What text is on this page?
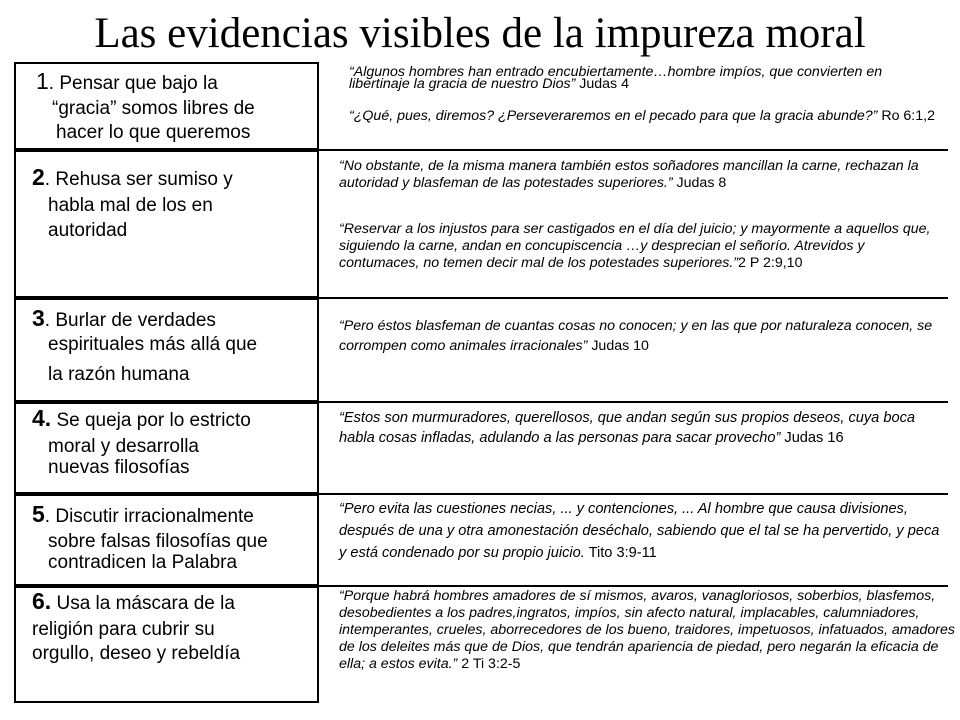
Las evidencias visibles de la impureza moral
1. Pensar que bajo la
“gracia” somos libres de
hacer lo que queremos
“Algunos hombres han entrado encubiertamente…hombre impíos, que convierten en libertinaje la gracia de nuestro Dios” Judas 4
“¿Qué, pues, diremos? ¿Perseveraremos en el pecado para que la gracia abunde?” Ro 6:1,2
2. Rehusa ser sumiso y
habla mal de los en
autoridad
“No obstante, de la misma manera también estos soñadores mancillan la carne, rechazan la autoridad y blasfeman de las potestades superiores.” Judas 8
“Reservar a los injustos para ser castigados en el día del juicio; y mayormente a aquellos que, siguiendo la carne, andan en concupiscencia …y desprecian el señorío. Atrevidos y contumaces, no temen decir mal de los potestades superiores.”2 P 2:9,10
3. Burlar de verdades
espirituales más allá que
la razón humana
“Pero éstos blasfeman de cuantas cosas no conocen; y en las que por naturaleza conocen, se corrompen como animales irracionales” Judas 10
4. Se queja por lo estricto
moral y desarrolla
nuevas filosofías
“Estos son murmuradores, querellosos, que andan según sus propios deseos, cuya boca habla cosas infladas, adulando a las personas para sacar provecho” Judas 16
5. Discutir irracionalmente
sobre falsas filosofías que
contradicen la Palabra
“Pero evita las cuestiones necias, ... y contenciones, ... Al hombre que causa divisiones, después de una y otra amonestación deséchalo, sabiendo que el tal se ha pervertido, y peca y está condenado por su propio juicio. Tito 3:9-11
6. Usa la máscara de la
religión para cubrir su
orgullo, deseo y rebeldía
“Porque habrá hombres amadores de sí mismos, avaros, vanagloriosos, soberbios, blasfemos, desobedientes a los padres,ingratos, impíos, sin afecto natural, implacables, calumniadores, intemperantes, crueles, aborrecedores de los bueno, traidores, impetuosos, infatuados, amadores de los deleites más que de Dios, que tendrán apariencia de piedad, pero negarán la eficacia de ella; a estos evita.” 2 Ti 3:2-5
